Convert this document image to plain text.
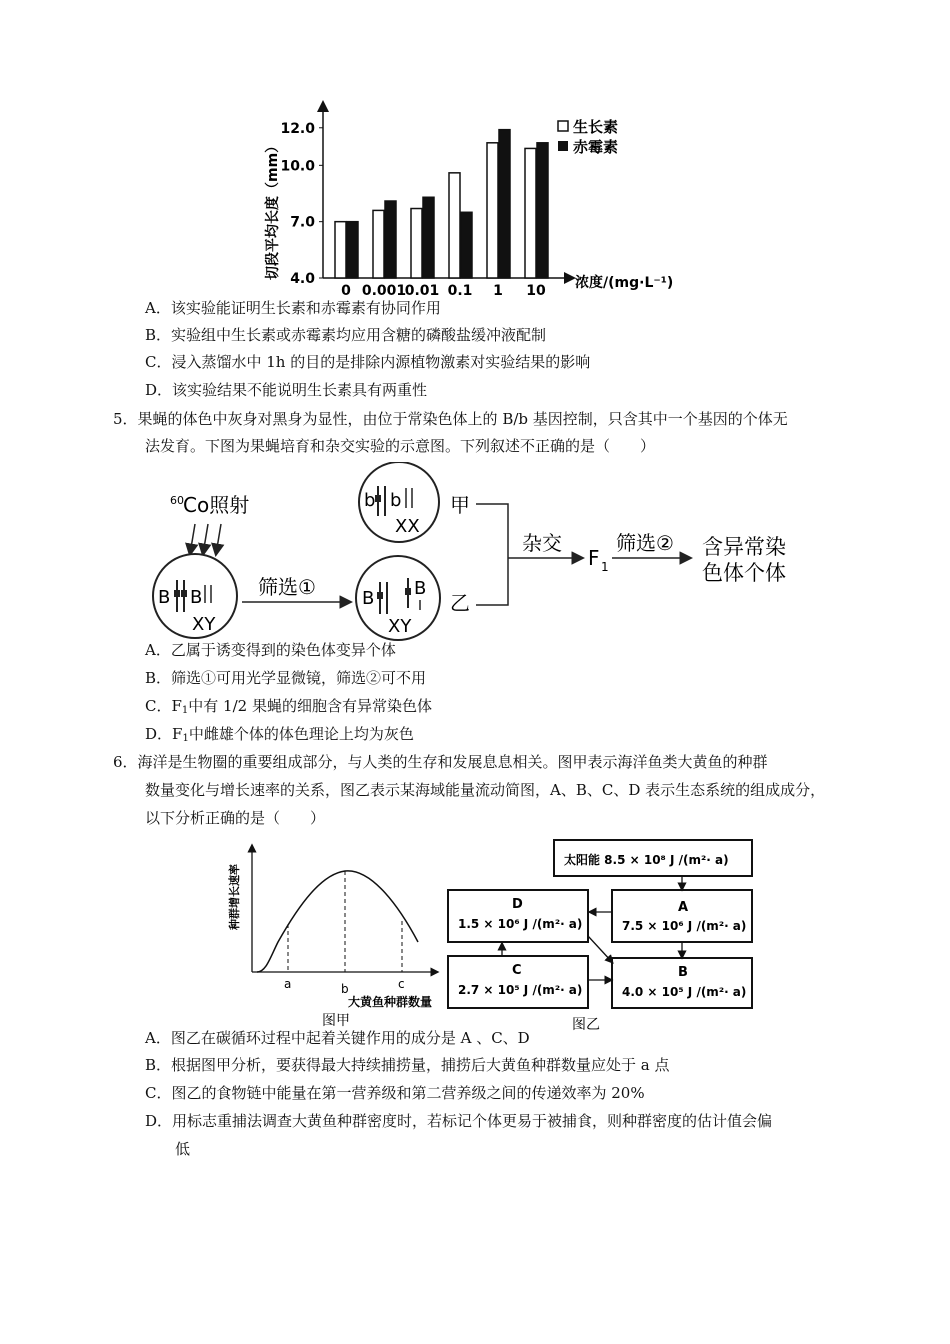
切段平均长度（mm）
浓度/(mg·L⁻¹)
4.0
7.0
10.0
12.0
0 0.001
0.01 0.1 1 10
生长素
赤霉素
A．该实验能证明生长素和赤霉素有协同作用
B．实验组中生长素或赤霉素均应用含糖的磷酸盐缓冲液配制
C．浸入蒸馏水中 1h 的目的是排除内源植物激素对实验结果的影响
D．该实验结果不能说明生长素具有两重性
5．果蝇的体色中灰身对黑身为显性，由位于常染色体上的 B/b 基因控制，只含其中一个基因的个体无
法发育。下图为果蝇培育和杂交实验的示意图。下列叙述不正确的是（　　）
60 Co照射
B B
XY
筛选①	B B
XY
b b
XX
甲
乙
杂交
F 1
筛选② 含异常染
色体个体
A．乙属于诱变得到的染色体变异个体
B．筛选①可用光学显微镜，筛选②可不用
C．$F_1$中有 1/2 果蝇的细胞含有异常染色体
D．$F_1$中雌雄个体的体色理论上均为灰色
6．海洋是生物圈的重要组成部分，与人类的生存和发展息息相关。图甲表示海洋鱼类大黄鱼的种群
数量变化与增长速率的关系，图乙表示某海域能量流动简图，A、B、C、D 表示生态系统的组成成分，
以下分析正确的是（　　）
种群增长速率
a	b	c
大黄鱼种群数量
图甲
太阳能 8.5 × 10⁸ J /(m²· a)
A
7.5 × 10⁶ J /(m²· a)
D
1.5 × 10⁶ J /(m²· a)
C
2.7 × 10⁵ J /(m²· a)
B
4.0 × 10⁵ J /(m²· a)
图乙
A．图乙在碳循环过程中起着关键作用的成分是 A 、C、D
B．根据图甲分析，要获得最大持续捕捞量，捕捞后大黄鱼种群数量应处于 a 点
C．图乙的食物链中能量在第一营养级和第二营养级之间的传递效率为 20%
D．用标志重捕法调查大黄鱼种群密度时，若标记个体更易于被捕食，则种群密度的估计值会偏
低
